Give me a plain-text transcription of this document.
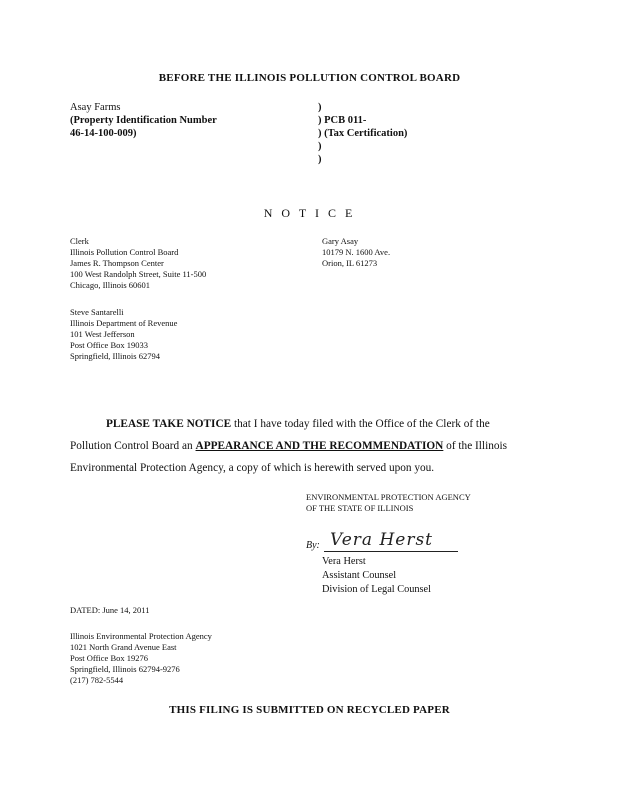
BEFORE THE ILLINOIS POLLUTION CONTROL BOARD
Asay Farms
(Property Identification Number
46-14-100-009)
)
) PCB 011-
) (Tax Certification)
)
)
N O T I C E
Clerk
Illinois Pollution Control Board
James R. Thompson Center
100 West Randolph Street, Suite 11-500
Chicago, Illinois 60601
Gary Asay
10179 N. 1600 Ave.
Orion, IL 61273
Steve Santarelli
Illinois Department of Revenue
101 West Jefferson
Post Office Box 19033
Springfield, Illinois 62794
PLEASE TAKE NOTICE that I have today filed with the Office of the Clerk of the
Pollution Control Board an APPEARANCE AND THE RECOMMENDATION of the Illinois
Environmental Protection Agency, a copy of which is herewith served upon you.
ENVIRONMENTAL PROTECTION AGENCY
OF THE STATE OF ILLINOIS
By: Vera Herst
Vera Herst
Assistant Counsel
Division of Legal Counsel
DATED: June 14, 2011
Illinois Environmental Protection Agency
1021 North Grand Avenue East
Post Office Box 19276
Springfield, Illinois 62794-9276
(217) 782-5544
THIS FILING IS SUBMITTED ON RECYCLED PAPER
